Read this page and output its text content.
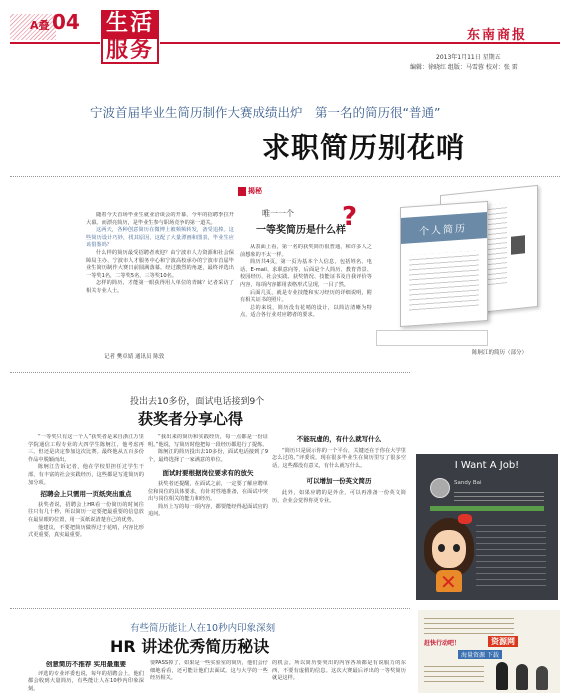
A叠 04 生活
服务
东南商报
2013年1月11日 星期五
编辑：徐晓红 组版：马雪蓉 校对：张 雷
宁波首届毕业生简历制作大赛成绩出炉　第一名的简历很“普通”
求职简历别花哨

随着今天首场毕业生就业洽谈会的开幕，今年的招聘季拉开大幕。而漂亮简历，是毕业生参与职场竞争的第一道关。

这两天，各种创意简历在微博上被频频转发，备受追捧。这些简历设计巧妙，找其原因，这配了大量漂画和图表，毕业生应该借鉴吗？

什么样的简历最受招聘者欢迎？由宁波市人力资源和社会保障局主办、宁波市人才服务中心和宁波高校承办的宁波市首届毕业生简历制作大赛日前圆满落幕。经过激烈的角逐，最终评选出一等奖1名，二等奖5名，三等奖10名。

怎样的简历，才能第一眼获得用人单位的青睐？记者采访了相关专业人士。

记者 樊卓婧 通讯员 陈敦
揭秘
唯一一个
一等奖简历是什么样
?

从表面上看，第一名的获奖简历很普通，和许多人之前想象的不太一样。

简历共4页，第一页为基本个人信息，包括姓名、电话、E-mail、求职意向等，后面是个人简历、教育背景、校园经历、社会实践、获奖情况、技能证书及自我评价等内容，每项内容都用表格形式呈现，一目了然。

后面几页，就是专业技能和实习经历的详细说明，附有相关证书的照片。

总的来说，简历没有花哨的设计，以简洁清晰为特点，适合各行业对应聘者的要求。

个人简历
陈舸江的简历（部分）
投出去10多份，面试电话接到9个
获奖者分享心得

“一等奖只有这一个人”获奖者是来自浙江万里学院通信工程专业的大四学生陈舸江，他考虑再三，但还是决定参加这次比赛。最终他从五百多份作品中脱颖而出。

陈舸江告诉记者，他在学校里担任过学生干部，有丰富的社会实践经历，这些都是写进简历的加分项。

招聘会上只需用一页纸突出重点

获奖者说，招聘会上HR看一份简历的时间往往只有几十秒，所以简历一定要把最重要的信息放在最显眼的位置，用一页纸说清楚自己的优势。

他建议，不要把简历做得过于花哨，内容比形式更重要，真实最重要。

“我出来的简历和实践经历，每一点都是一份证明。”他说，写简历时他把每一段经历都进行了提炼。

陈舸江的简历投出去10多份，面试电话接到了9个，最终选择了一家满意的单位。

面试时要根据岗位要求有的放矢

获奖者还提醒，在面试之前，一定要了解应聘单位和岗位的具体要求，有针对性地准备，在面试中突出与岗位相关的能力和经历。

简历上写的每一项内容，都要能经得起面试官的追问。

不能玩虚的，有什么就写什么

“简历只是展示你的一个平台，关键还在于你在大学里怎么过的。”评委说，现在很多毕业生在简历里写了很多空话，这些都没有意义，有什么就写什么。

可以增加一份英文简历

此外，如果应聘的是外企，可以再准备一份英文简历，企业会觉得你更专业。

I Want A Job!
Sandy Bai
✕
有些简历能让人在10秒内印象深刻
HR 讲述优秀简历秘诀
创意简历不推荐 实用最重要

评选的专业评委也说，每年的招聘会上，他们都会收到大量简历，有些能让人在10秒内印象深刻。

要PASS掉了，如果是一些实验室的简历，他们会仔细地看看，还可能让他们去面试。这与大学的一些经历相关。

的机会。所以简历要突出的内容各项都是有说服力的东西，不要有虚假的信息。这次大赛最后评出的一等奖简历就是这样。

赶快行动吧！	资源网
海量资源 下载
